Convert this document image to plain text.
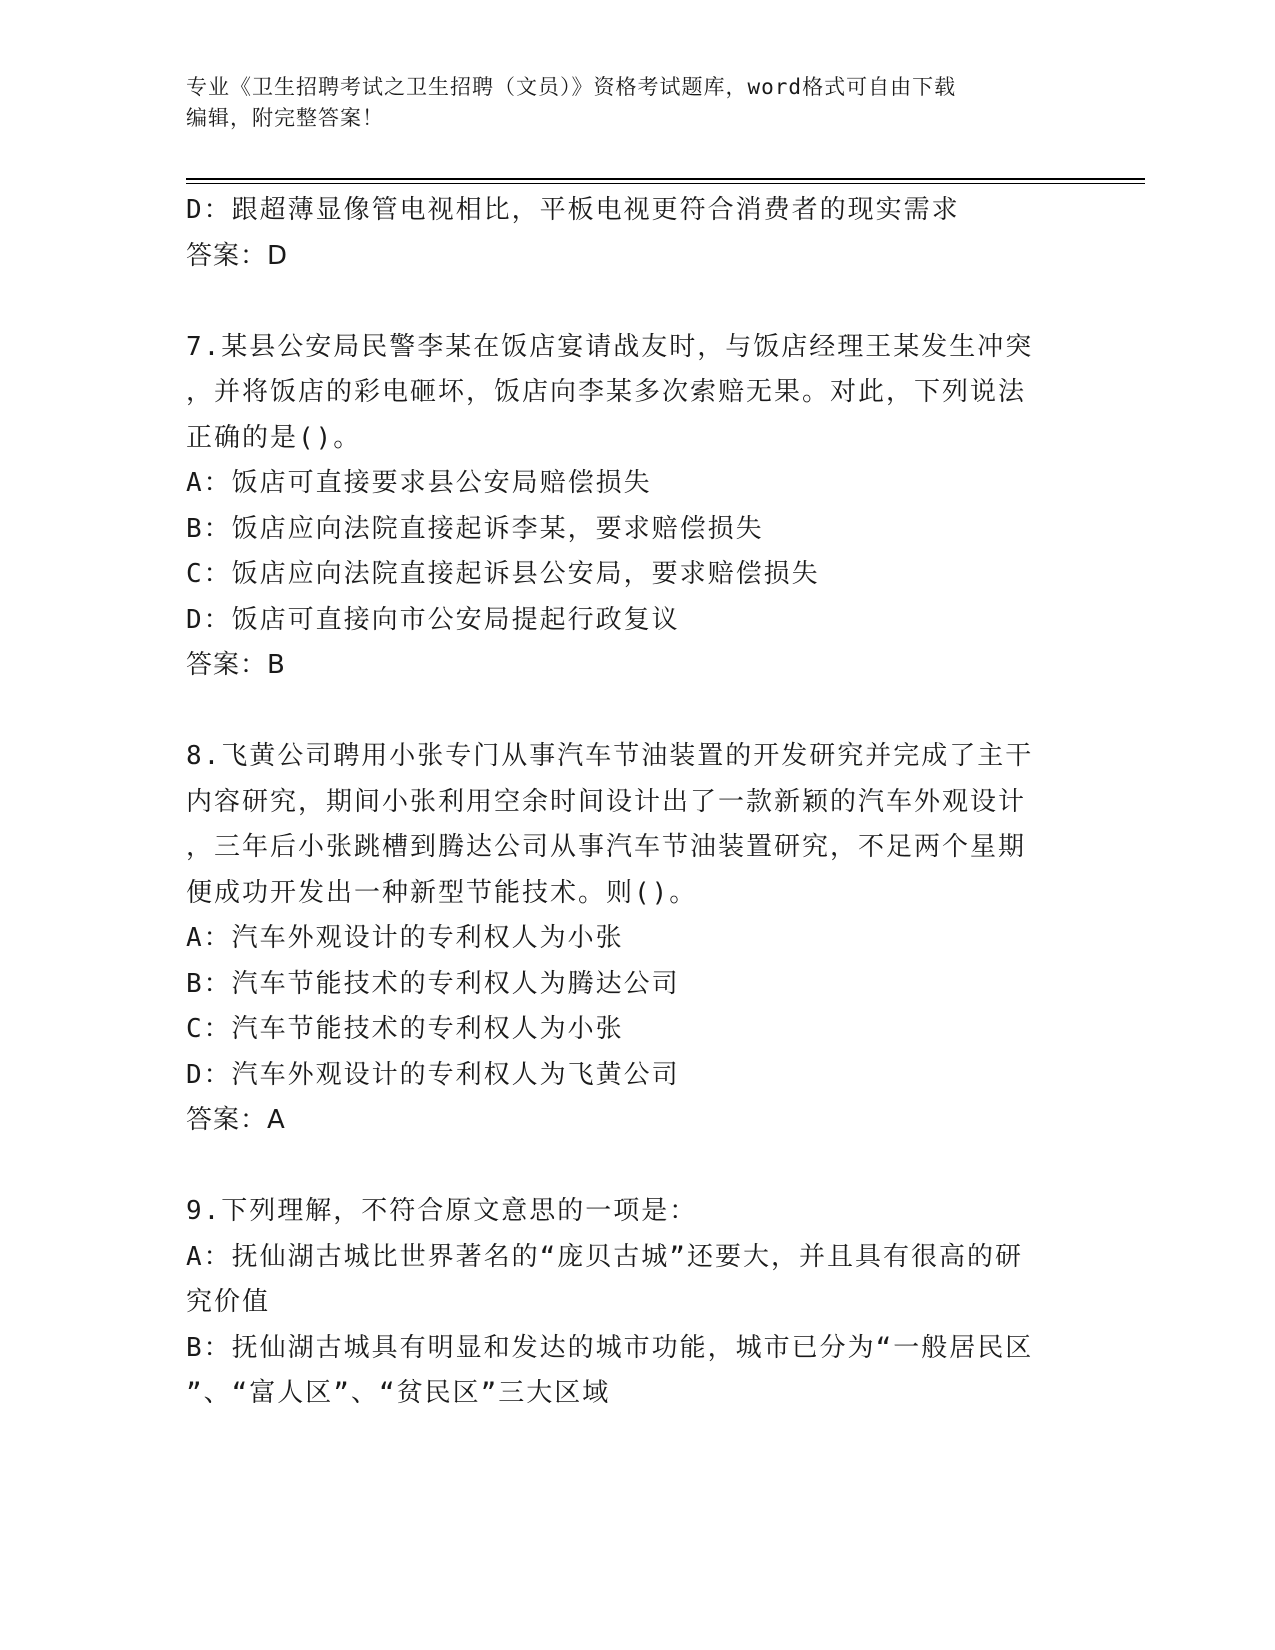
专业《卫生招聘考试之卫生招聘（文员）》资格考试题库，word格式可自由下载
编辑，附完整答案！
D：跟超薄显像管电视相比，平板电视更符合消费者的现实需求
答案：D
7.某县公安局民警李某在饭店宴请战友时，与饭店经理王某发生冲突
，并将饭店的彩电砸坏，饭店向李某多次索赔无果。对此，下列说法
正确的是()。
A：饭店可直接要求县公安局赔偿损失
B：饭店应向法院直接起诉李某，要求赔偿损失
C：饭店应向法院直接起诉县公安局，要求赔偿损失
D：饭店可直接向市公安局提起行政复议
答案：B
8.飞黄公司聘用小张专门从事汽车节油装置的开发研究并完成了主干
内容研究，期间小张利用空余时间设计出了一款新颖的汽车外观设计
，三年后小张跳槽到腾达公司从事汽车节油装置研究，不足两个星期
便成功开发出一种新型节能技术。则()。
A：汽车外观设计的专利权人为小张
B：汽车节能技术的专利权人为腾达公司
C：汽车节能技术的专利权人为小张
D：汽车外观设计的专利权人为飞黄公司
答案：A
9.下列理解，不符合原文意思的一项是：
A：抚仙湖古城比世界著名的“庞贝古城”还要大，并且具有很高的研
究价值
B：抚仙湖古城具有明显和发达的城市功能，城市已分为“一般居民区
”、“富人区”、“贫民区”三大区域
